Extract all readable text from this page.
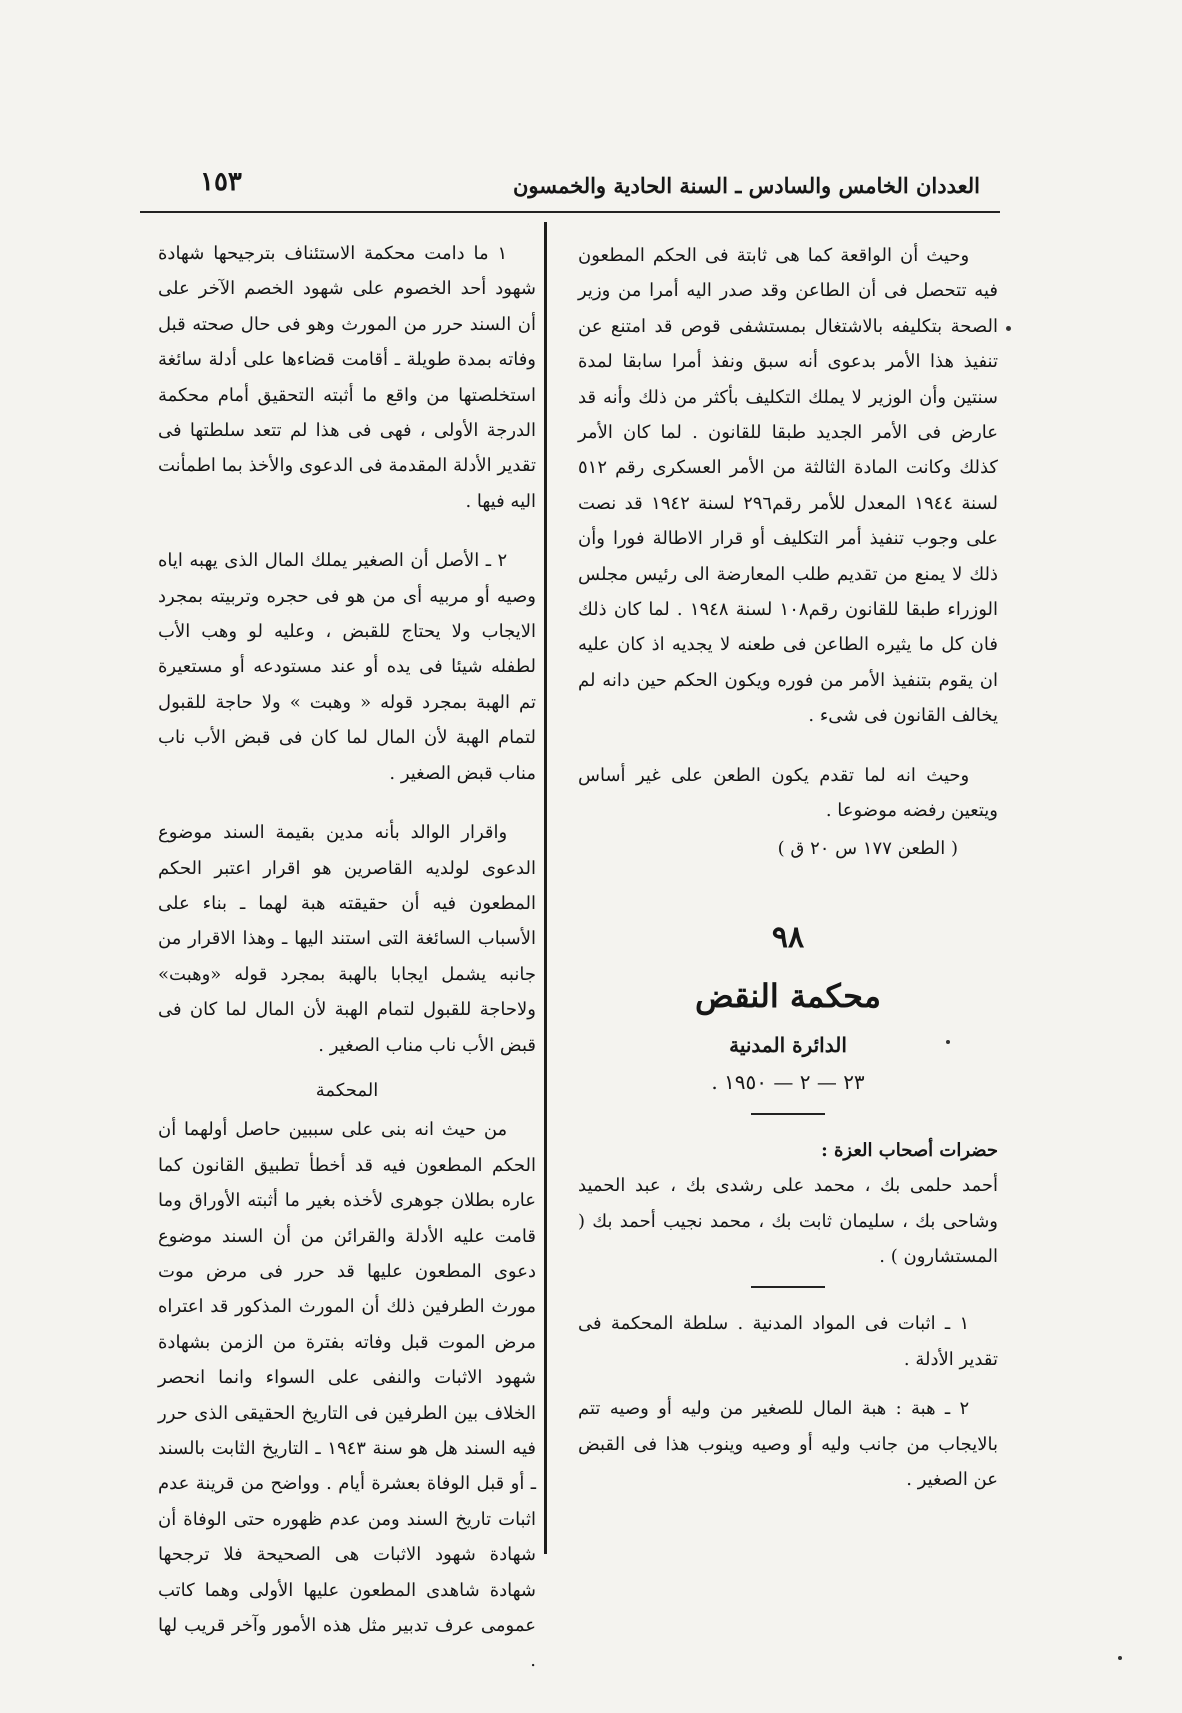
١٥٣	العددان الخامس والسادس ـ السنة الحادية والخمسون

وحيث أن الواقعة كما هى ثابتة فى الحكم المطعون فيه تتحصل فى أن الطاعن وقد صدر اليه أمرا من وزير الصحة بتكليفه بالاشتغال بمستشفى قوص قد امتنع عن تنفيذ هذا الأمر بدعوى أنه سبق ونفذ أمرا سابقا لمدة سنتين وأن الوزير لا يملك التكليف بأكثر من ذلك وأنه قد عارض فى الأمر الجديد طبقا للقانون . لما كان الأمر كذلك وكانت المادة الثالثة من الأمر العسكرى رقم ٥١٢ لسنة ١٩٤٤ المعدل للأمر رقم٢٩٦ لسنة ١٩٤٢ قد نصت على وجوب تنفيذ أمر التكليف أو قرار الاطالة فورا وأن ذلك لا يمنع من تقديم طلب المعارضة الى رئيس مجلس الوزراء طبقا للقانون رقم١٠٨ لسنة ١٩٤٨ . لما كان ذلك فان كل ما يثيره الطاعن فى طعنه لا يجديه اذ كان عليه ان يقوم بتنفيذ الأمر من فوره ويكون الحكم حين دانه لم يخالف القانون فى شىء .

وحيث انه لما تقدم يكون الطعن على غير أساس ويتعين رفضه موضوعا .

( الطعن ١٧٧ س ٢٠ ق )

٩٨
محكمة النقض
الدائرة المدنية
٢٣ — ٢ — ١٩٥٠ .

حضرات أصحاب العزة :

أحمد حلمى بك ، محمد على رشدى بك ، عبد الحميد وشاحى بك ، سليمان ثابت بك ، محمد نجيب أحمد بك ( المستشارون ) .

١ ـ اثبات فى المواد المدنية . سلطة المحكمة فى تقدير الأدلة .

٢ ـ هبة : هبة المال للصغير من وليه أو وصيه تتم بالايجاب من جانب وليه أو وصيه وينوب هذا فى القبض عن الصغير .

١ ما دامت محكمة الاستئناف بترجيحها شهادة شهود أحد الخصوم على شهود الخصم الآخر على أن السند حرر من المورث وهو فى حال صحته قبل وفاته بمدة طويلة ـ أقامت قضاءها على أدلة سائغة استخلصتها من واقع ما أثبته التحقيق أمام محكمة الدرجة الأولى ، فهى فى هذا لم تتعد سلطتها فى تقدير الأدلة المقدمة فى الدعوى والأخذ بما اطمأنت اليه فيها .

٢ ـ الأصل أن الصغير يملك المال الذى يهبه اياه وصيه أو مربيه أى من هو فى حجره وتربيته بمجرد الايجاب ولا يحتاج للقبض ، وعليه لو وهب الأب لطفله شيئا فى يده أو عند مستودعه أو مستعيرة تم الهبة بمجرد قوله « وهبت » ولا حاجة للقبول لتمام الهبة لأن المال لما كان فى قبض الأب ناب مناب قبض الصغير .

واقرار الوالد بأنه مدين بقيمة السند موضوع الدعوى لولديه القاصرين هو اقرار اعتبر الحكم المطعون فيه أن حقيقته هبة لهما ـ بناء على الأسباب السائغة التى استند اليها ـ وهذا الاقرار من جانبه يشمل ايجابا بالهبة بمجرد قوله «وهبت» ولاحاجة للقبول لتمام الهبة لأن المال لما كان فى قبض الأب ناب مناب الصغير .

المحكمة

من حيث انه بنى على سببين حاصل أولهما أن الحكم المطعون فيه قد أخطأ تطبيق القانون كما عاره بطلان جوهرى لأخذه بغير ما أثبته الأوراق وما قامت عليه الأدلة والقرائن من أن السند موضوع دعوى المطعون عليها قد حرر فى مرض موت مورث الطرفين ذلك أن المورث المذكور قد اعتراه مرض الموت قبل وفاته بفترة من الزمن بشهادة شهود الاثبات والنفى على السواء وانما انحصر الخلاف بين الطرفين فى التاريخ الحقيقى الذى حرر فيه السند هل هو سنة ١٩٤٣ ـ التاريخ الثابت بالسند ـ أو قبل الوفاة بعشرة أيام . وواضح من قرينة عدم اثبات تاريخ السند ومن عدم ظهوره حتى الوفاة أن شهادة شهود الاثبات هى الصحيحة فلا ترجحها شهادة شاهدى المطعون عليها الأولى وهما كاتب عمومى عرف تدبير مثل هذه الأمور وآخر قريب لها .
